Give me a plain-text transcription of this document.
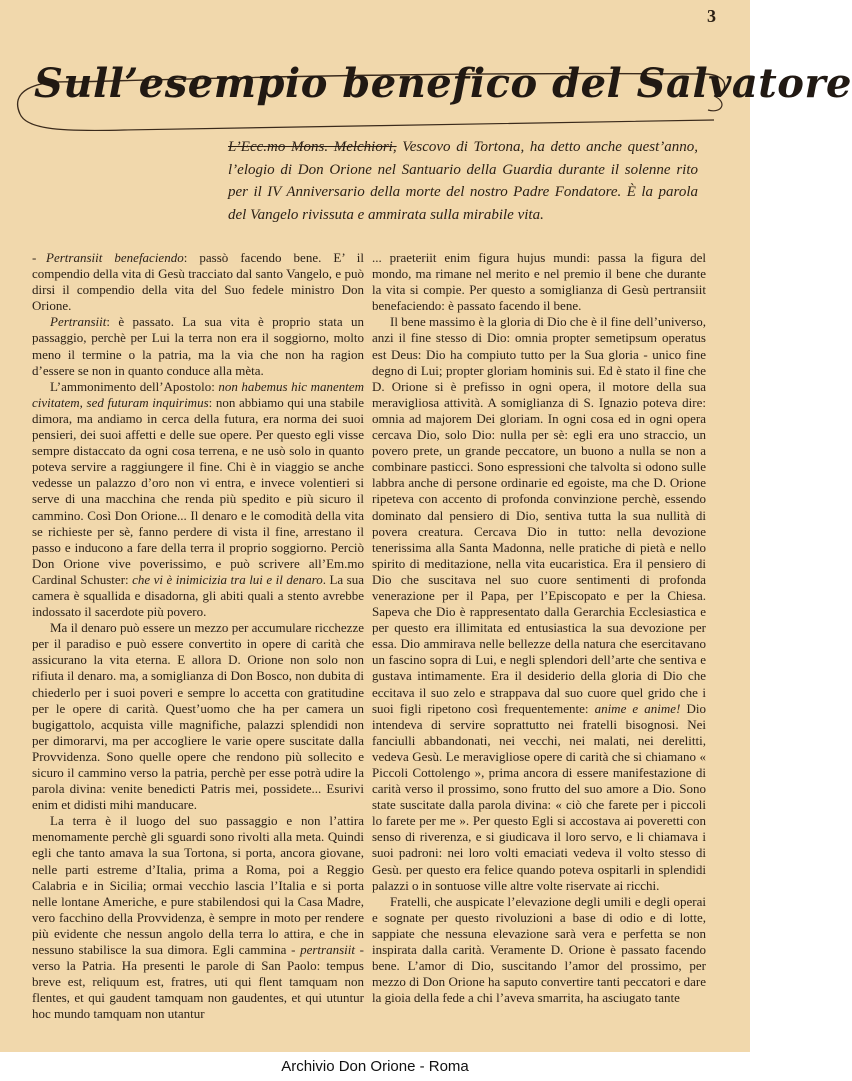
3
Sull’esempio benefico del Salvatore
L’Ecc.mo Mons. Melchiori, Vescovo di Tortona, ha detto anche quest’anno, l’elogio di Don Orione nel Santuario della Guardia durante il solenne rito per il IV Anniversario della morte del nostro Padre Fondatore. È la parola del Vangelo rivissuta e ammirata sulla mirabile vita.

- Pertransiit benefaciendo: passò facendo bene. E’ il compendio della vita di Gesù tracciato dal santo Vangelo, e può dirsi il compendio della vita del Suo fedele ministro Don Orione.

Pertransiit: è passato. La sua vita è proprio stata un passaggio, perchè per Lui la terra non era il soggiorno, molto meno il termine o la patria, ma la via che non ha ragion d’essere se non in quanto conduce alla mèta.

L’ammonimento dell’Apostolo: non habemus hic manentem civitatem, sed futuram inquirimus: non abbiamo qui una stabile dimora, ma andiamo in cerca della futura, era norma dei suoi pensieri, dei suoi affetti e delle sue opere. Per questo egli visse sempre distaccato da ogni cosa terrena, e ne usò solo in quanto poteva servire a raggiungere il fine. Chi è in viaggio se anche vedesse un palazzo d’oro non vi entra, e invece volentieri si serve di una macchina che renda più spedito e più sicuro il cammino. Così Don Orione... Il denaro e le comodità della vita se richieste per sè, fanno perdere di vista il fine, arrestano il passo e inducono a fare della terra il proprio soggiorno. Perciò Don Orione vive poverissimo, e può scrivere all’Em.mo Cardinal Schuster: che vi è inimicizia tra lui e il denaro. La sua camera è squallida e disadorna, gli abiti quali a stento avrebbe indossato il sacerdote più povero.

Ma il denaro può essere un mezzo per accumulare ricchezze per il paradiso e può essere convertito in opere di carità che assicurano la vita eterna. E allora D. Orione non solo non rifiuta il denaro. ma, a somiglianza di Don Bosco, non dubita di chiederlo per i suoi poveri e sempre lo accetta con gratitudine per le opere di carità. Quest’uomo che ha per camera un bugigattolo, acquista ville magnifiche, palazzi splendidi non per dimorarvi, ma per accogliere le varie opere suscitate dalla Provvidenza. Sono quelle opere che rendono più sollecito e sicuro il cammino verso la patria, perchè per esse potrà udire la parola divina: venite benedicti Patris mei, possidete... Esurivi enim et didisti mihi manducare.

La terra è il luogo del suo passaggio e non l’attira menomamente perchè gli sguardi sono rivolti alla meta. Quindi egli che tanto amava la sua Tortona, si porta, ancora giovane, nelle parti estreme d’Italia, prima a Roma, poi a Reggio Calabria e in Sicilia; ormai vecchio lascia l’Italia e si porta nelle lontane Americhe, e pure stabilendosi qui la Casa Madre, vero facchino della Provvidenza, è sempre in moto per rendere più evidente che nessun angolo della terra lo attira, e che in nessuno stabilisce la sua dimora. Egli cammina - pertransiit - verso la Patria. Ha presenti le parole di San Paolo: tempus breve est, reliquum est, fratres, uti qui flent tamquam non flentes, et qui gaudent tamquam non gaudentes, et qui utuntur hoc mundo tamquam non utantur

... praeteriit enim figura hujus mundi: passa la figura del mondo, ma rimane nel merito e nel premio il bene che durante la vita si compie. Per questo a somiglianza di Gesù pertransiit benefaciendo: è passato facendo il bene.

Il bene massimo è la gloria di Dio che è il fine dell’universo, anzi il fine stesso di Dio: omnia propter semetipsum operatus est Deus: Dio ha compiuto tutto per la Sua gloria - unico fine degno di Lui; propter gloriam hominis sui. Ed è stato il fine che D. Orione si è prefisso in ogni opera, il motore della sua meravigliosa attività. A somiglianza di S. Ignazio poteva dire: omnia ad majorem Dei gloriam. In ogni cosa ed in ogni opera cercava Dio, solo Dio: nulla per sè: egli era uno straccio, un povero prete, un grande peccatore, un buono a nulla se non a combinare pasticci. Sono espressioni che talvolta si odono sulle labbra anche di persone ordinarie ed egoiste, ma che D. Orione ripeteva con accento di profonda convinzione perchè, essendo dominato dal pensiero di Dio, sentiva tutta la sua nullità di povera creatura. Cercava Dio in tutto: nella devozione tenerissima alla Santa Madonna, nelle pratiche di pietà e nello spirito di meditazione, nella vita eucaristica. Era il pensiero di Dio che suscitava nel suo cuore sentimenti di profonda venerazione per il Papa, per l’Episcopato e per la Chiesa. Sapeva che Dio è rappresentato dalla Gerarchia Ecclesiastica e per questo era illimitata ed entusiastica la sua devozione per essa. Dio ammirava nelle bellezze della natura che esercitavano un fascino sopra di Lui, e negli splendori dell’arte che sentiva e gustava intimamente. Era il desiderio della gloria di Dio che eccitava il suo zelo e strappava dal suo cuore quel grido che i suoi figli ripetono così frequentemente: anime e anime! Dio intendeva di servire soprattutto nei fratelli bisognosi. Nei fanciulli abbandonati, nei vecchi, nei malati, nei derelitti, vedeva Gesù. Le meravigliose opere di carità che si chiamano « Piccoli Cottolengo », prima ancora di essere manifestazione di carità verso il prossimo, sono frutto del suo amore a Dio. Sono state suscitate dalla parola divina: « ciò che farete per i piccoli lo farete per me ». Per questo Egli si accostava ai poveretti con senso di riverenza, e si giudicava il loro servo, e li chiamava i suoi padroni: nei loro volti emaciati vedeva il volto stesso di Gesù. per questo era felice quando poteva ospitarli in splendidi palazzi o in sontuose ville altre volte riservate ai ricchi.

Fratelli, che auspicate l’elevazione degli umili e degli operai e sognate per questo rivoluzioni a base di odio e di lotte, sappiate che nessuna elevazione sarà vera e perfetta se non inspirata dalla carità. Veramente D. Orione è passato facendo bene. L’amor di Dio, suscitando l’amor del prossimo, per mezzo di Don Orione ha saputo convertire tanti peccatori e dare la gioia della fede a chi l’aveva smarrita, ha asciugato tante

Archivio Don Orione - Roma
